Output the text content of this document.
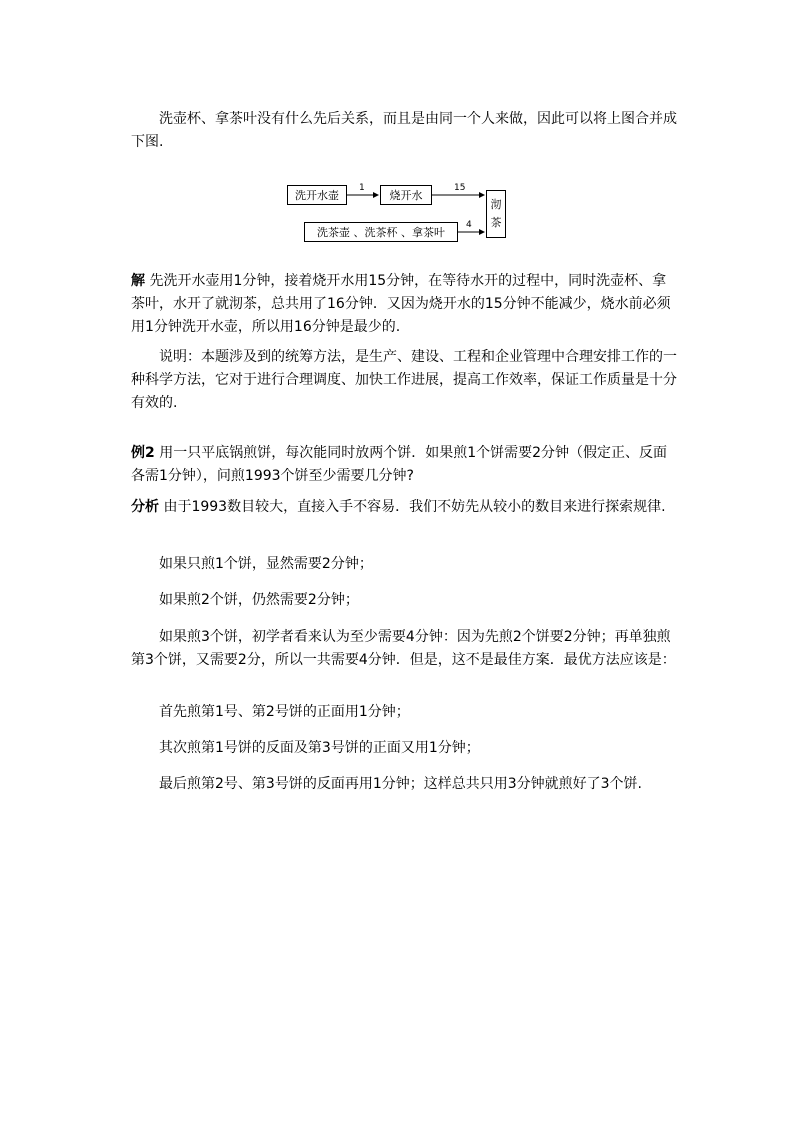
洗壶杯、拿茶叶没有什么先后关系，而且是由同一个人来做，因此可以将上图合并成下图.

洗开水壶	烧开水
洗茶壶 、洗茶杯 、拿茶叶
沏
茶
1	15
4

解 先洗开水壶用1分钟，接着烧开水用15分钟，在等待水开的过程中，同时洗壶杯、拿茶叶，水开了就沏茶，总共用了16分钟．又因为烧开水的15分钟不能减少，烧水前必须用1分钟洗开水壶，所以用16分钟是最少的.

说明：本题涉及到的统筹方法，是生产、建设、工程和企业管理中合理安排工作的一种科学方法，它对于进行合理调度、加快工作进展，提高工作效率，保证工作质量是十分有效的.

例2 用一只平底锅煎饼，每次能同时放两个饼．如果煎1个饼需要2分钟（假定正、反面各需1分钟），问煎1993个饼至少需要几分钟?

分析 由于1993数目较大，直接入手不容易．我们不妨先从较小的数目来进行探索规律.

如果只煎1个饼，显然需要2分钟；

如果煎2个饼，仍然需要2分钟；

如果煎3个饼，初学者看来认为至少需要4分钟：因为先煎2个饼要2分钟；再单独煎第3个饼，又需要2分，所以一共需要4分钟．但是，这不是最佳方案．最优方法应该是：

首先煎第1号、第2号饼的正面用1分钟；

其次煎第1号饼的反面及第3号饼的正面又用1分钟；

最后煎第2号、第3号饼的反面再用1分钟；这样总共只用3分钟就煎好了3个饼.
